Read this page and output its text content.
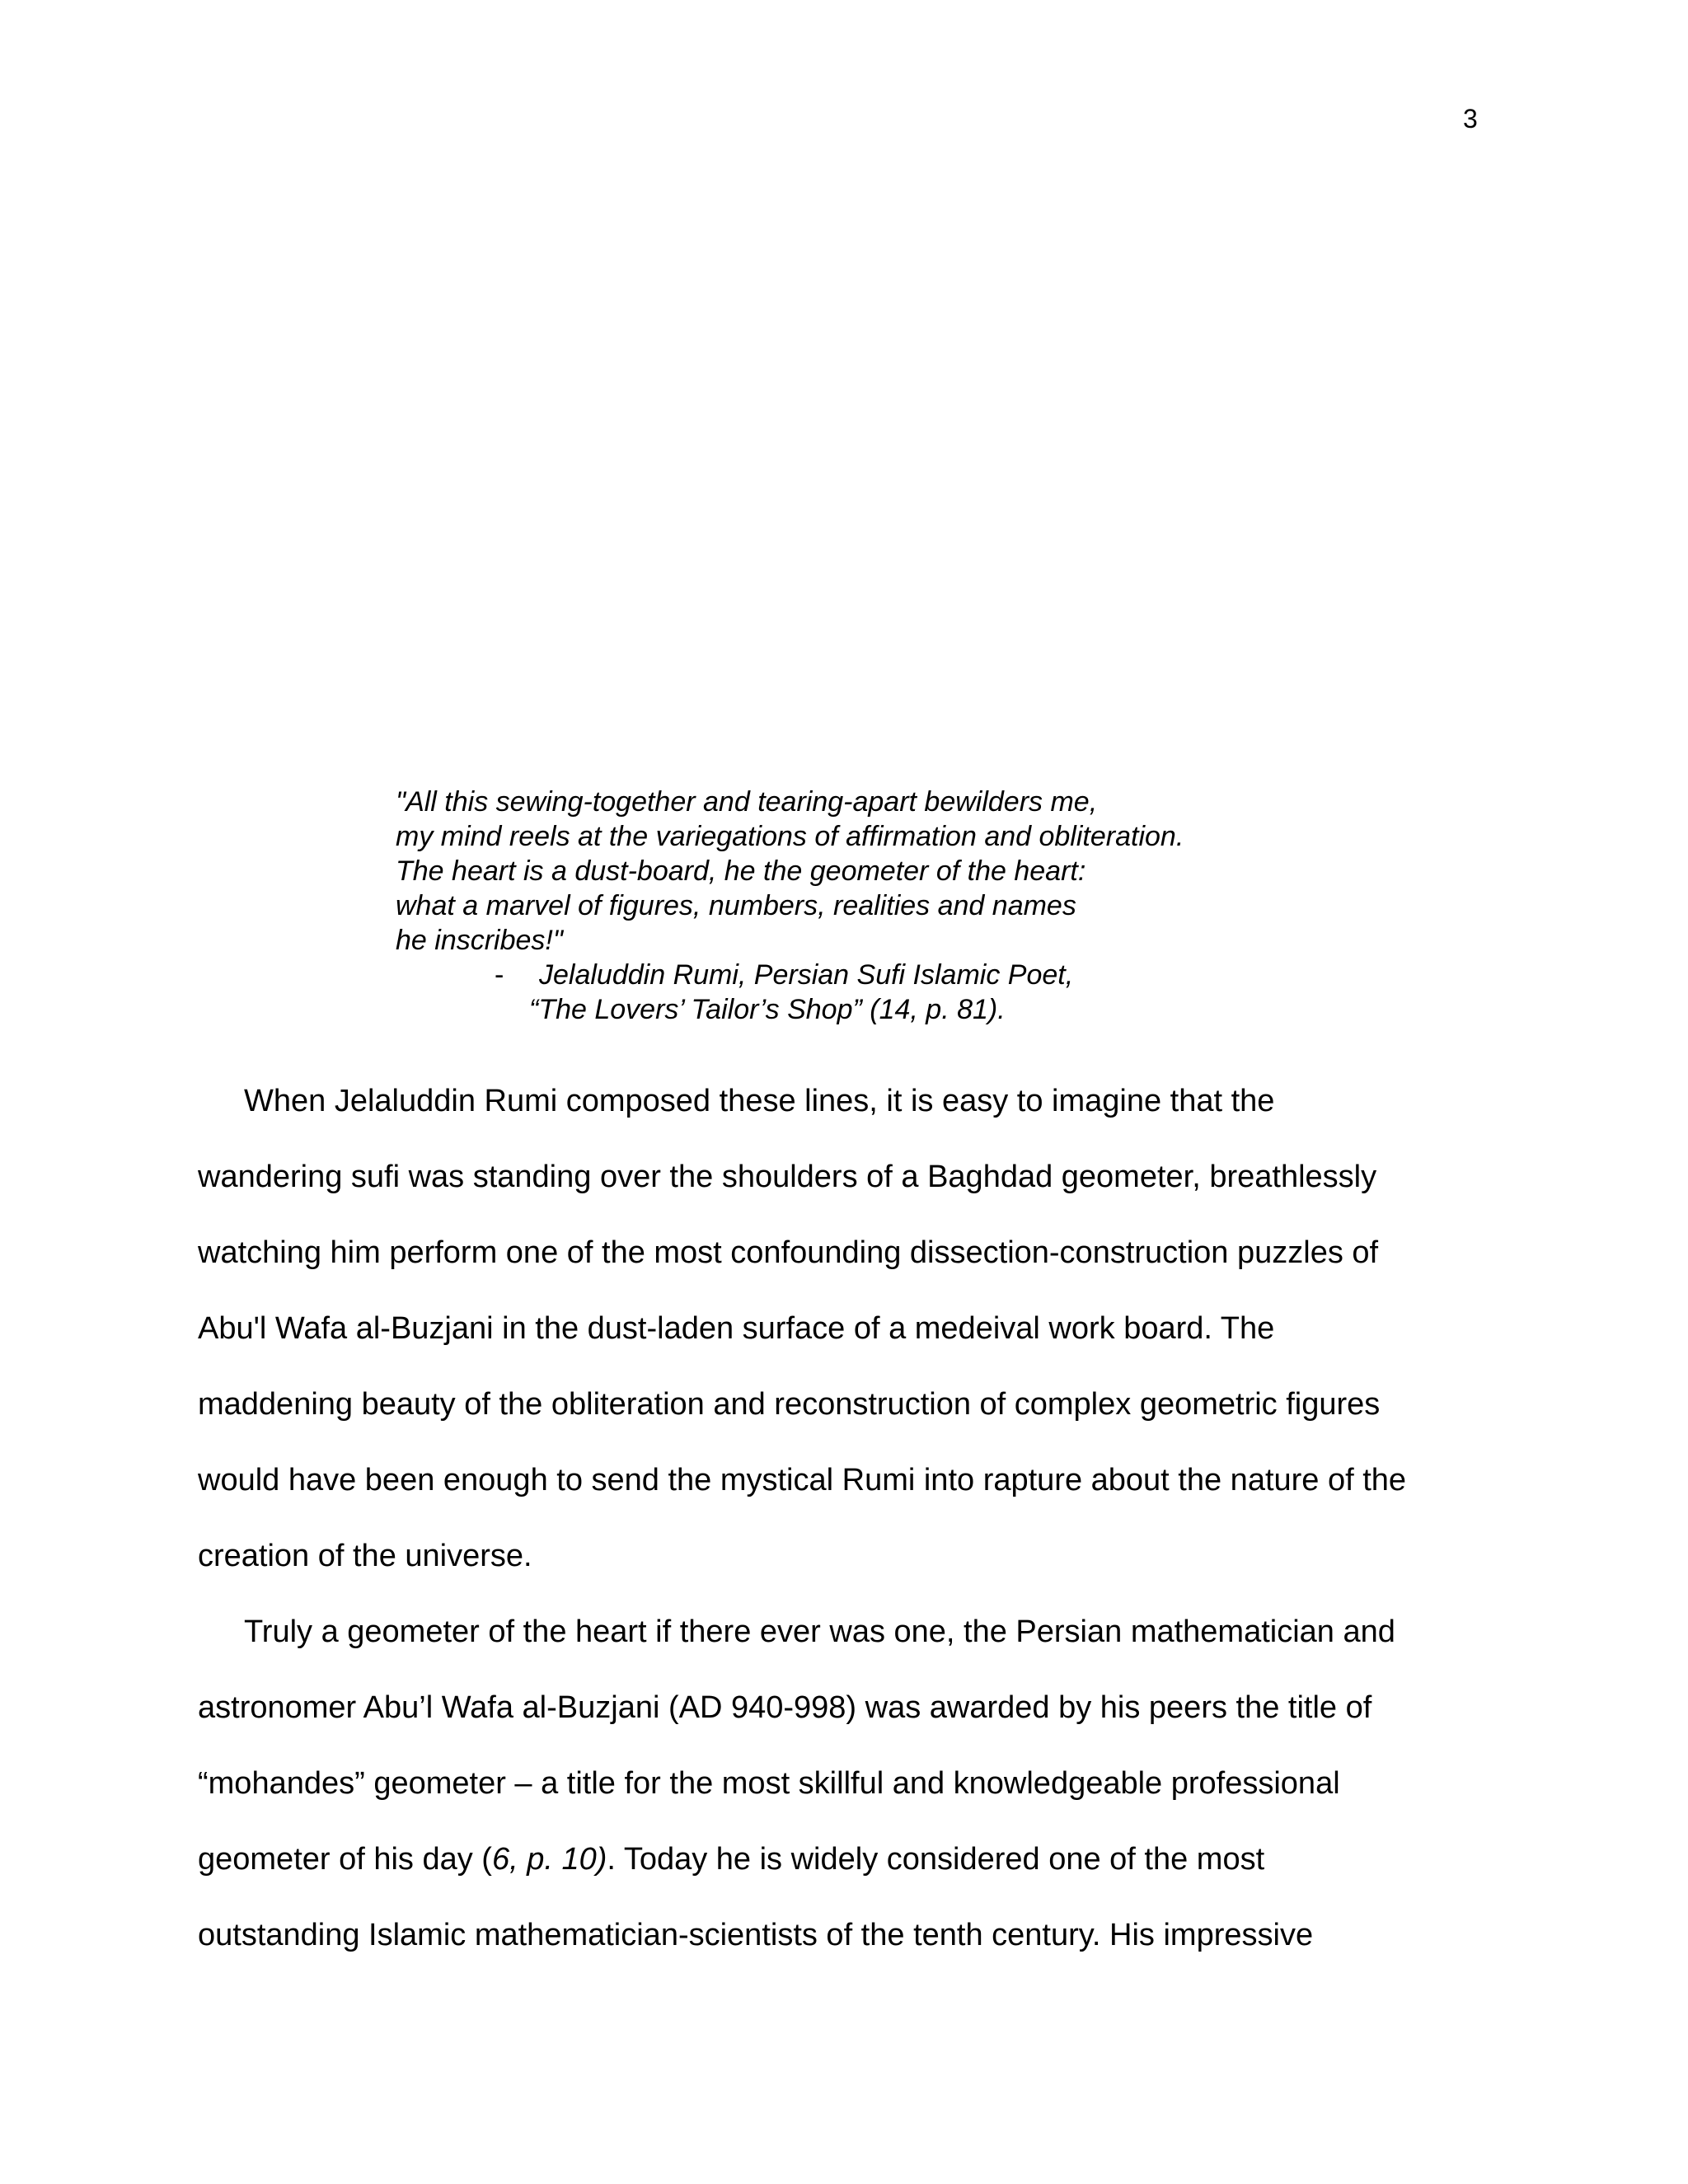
3
"All this sewing-together and tearing-apart bewilders me,
my mind reels at the variegations of affirmation and obliteration.
The heart is a dust-board, he the geometer of the heart:
what a marvel of figures, numbers, realities and names
he inscribes!"
- Jelaluddin Rumi, Persian Sufi Islamic Poet,
“The Lovers’ Tailor’s Shop” (14, p. 81).
When Jelaluddin Rumi composed these lines, it is easy to imagine that the
wandering sufi was standing over the shoulders of a Baghdad geometer, breathlessly
watching him perform one of the most confounding dissection-construction puzzles of
Abu'l Wafa al-Buzjani in the dust-laden surface of a medeival work board. The
maddening beauty of the obliteration and reconstruction of complex geometric figures
would have been enough to send the mystical Rumi into rapture about the nature of the
creation of the universe.
Truly a geometer of the heart if there ever was one, the Persian mathematician and
astronomer Abu’l Wafa al-Buzjani (AD 940-998) was awarded by his peers the title of
“mohandes” geometer – a title for the most skillful and knowledgeable professional
geometer of his day (6, p. 10). Today he is widely considered one of the most
outstanding Islamic mathematician-scientists of the tenth century. His impressive
